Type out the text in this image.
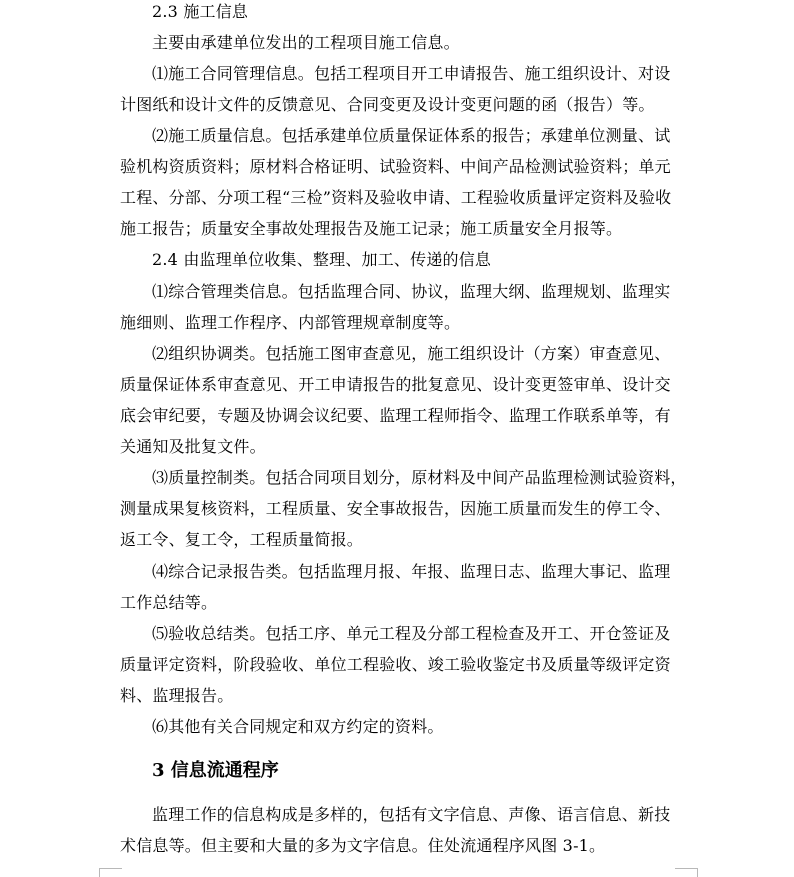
2.3 施工信息
主要由承建单位发出的工程项目施工信息。
⑴施工合同管理信息。包括工程项目开工申请报告、施工组织设计、对设
计图纸和设计文件的反馈意见、合同变更及设计变更问题的函（报告）等。
⑵施工质量信息。包括承建单位质量保证体系的报告；承建单位测量、试
验机构资质资料；原材料合格证明、试验资料、中间产品检测试验资料；单元
工程、分部、分项工程“三检”资料及验收申请、工程验收质量评定资料及验收
施工报告；质量安全事故处理报告及施工记录；施工质量安全月报等。
2.4 由监理单位收集、整理、加工、传递的信息
⑴综合管理类信息。包括监理合同、协议，监理大纲、监理规划、监理实
施细则、监理工作程序、内部管理规章制度等。
⑵组织协调类。包括施工图审查意见，施工组织设计（方案）审查意见、
质量保证体系审查意见、开工申请报告的批复意见、设计变更签审单、设计交
底会审纪要，专题及协调会议纪要、监理工程师指令、监理工作联系单等，有
关通知及批复文件。
⑶质量控制类。包括合同项目划分，原材料及中间产品监理检测试验资料，
测量成果复核资料，工程质量、安全事故报告，因施工质量而发生的停工令、
返工令、复工令，工程质量简报。
⑷综合记录报告类。包括监理月报、年报、监理日志、监理大事记、监理
工作总结等。
⑸验收总结类。包括工序、单元工程及分部工程检查及开工、开仓签证及
质量评定资料，阶段验收、单位工程验收、竣工验收鉴定书及质量等级评定资
料、监理报告。
⑹其他有关合同规定和双方约定的资料。
3 信息流通程序
监理工作的信息构成是多样的，包括有文字信息、声像、语言信息、新技
术信息等。但主要和大量的多为文字信息。住处流通程序风图 3-1。
